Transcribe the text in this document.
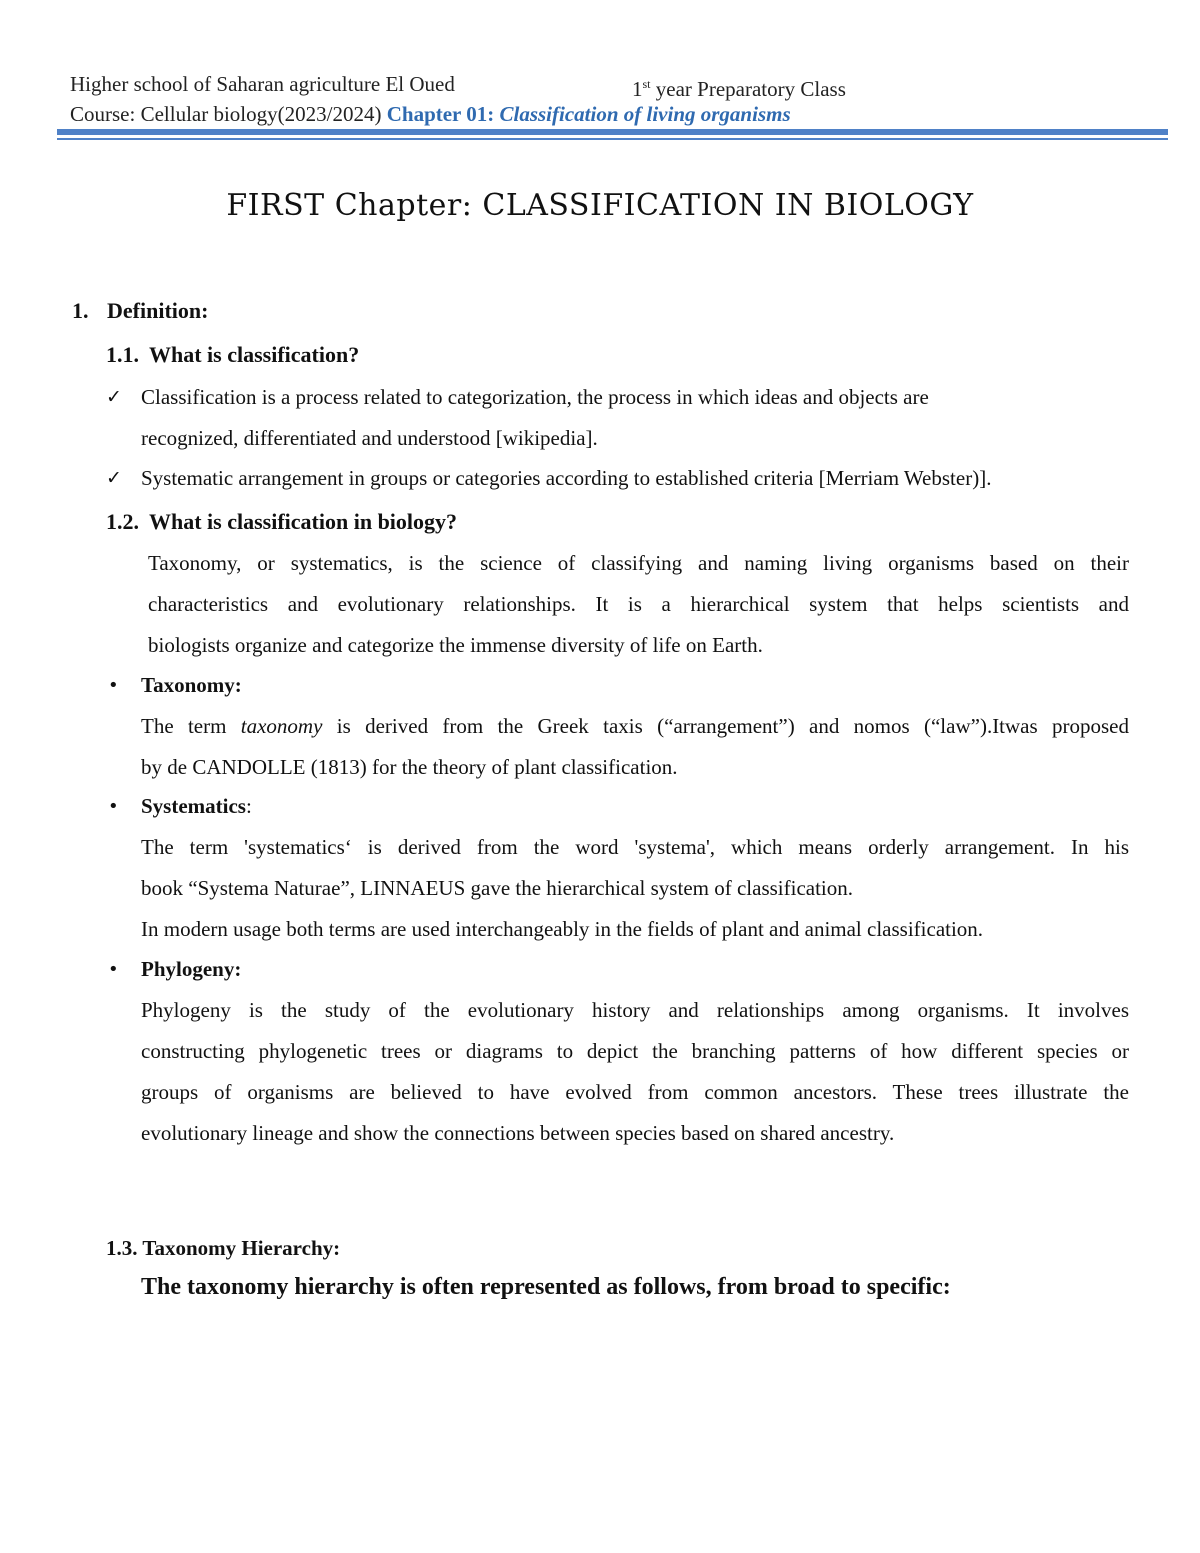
Higher school of Saharan agriculture El Oued	1st year Preparatory Class
Course: Cellular biology(2023/2024) Chapter 01: Classification of living organisms
FIRST Chapter: CLASSIFICATION IN BIOLOGY
1. Definition:
1.1. What is classification?
✓ Classification is a process related to categorization, the process in which ideas and objects are
recognized, differentiated and understood [wikipedia].
✓ Systematic arrangement in groups or categories according to established criteria [Merriam Webster)].
1.2. What is classification in biology?
Taxonomy, or systematics, is the science of classifying and naming living organisms based on their
characteristics and evolutionary relationships. It is a hierarchical system that helps scientists and
biologists organize and categorize the immense diversity of life on Earth.
• Taxonomy:
The term taxonomy is derived from the Greek taxis (“arrangement”) and nomos (“law”).Itwas proposed
by de CANDOLLE (1813) for the theory of plant classification.
• Systematics:
The term 'systematics‘ is derived from the word 'systema', which means orderly arrangement. In his
book “Systema Naturae”, LINNAEUS gave the hierarchical system of classification.
In modern usage both terms are used interchangeably in the fields of plant and animal classification.
• Phylogeny:
Phylogeny is the study of the evolutionary history and relationships among organisms. It involves
constructing phylogenetic trees or diagrams to depict the branching patterns of how different species or
groups of organisms are believed to have evolved from common ancestors. These trees illustrate the
evolutionary lineage and show the connections between species based on shared ancestry.
1.3. Taxonomy Hierarchy:
The taxonomy hierarchy is often represented as follows, from broad to specific:
